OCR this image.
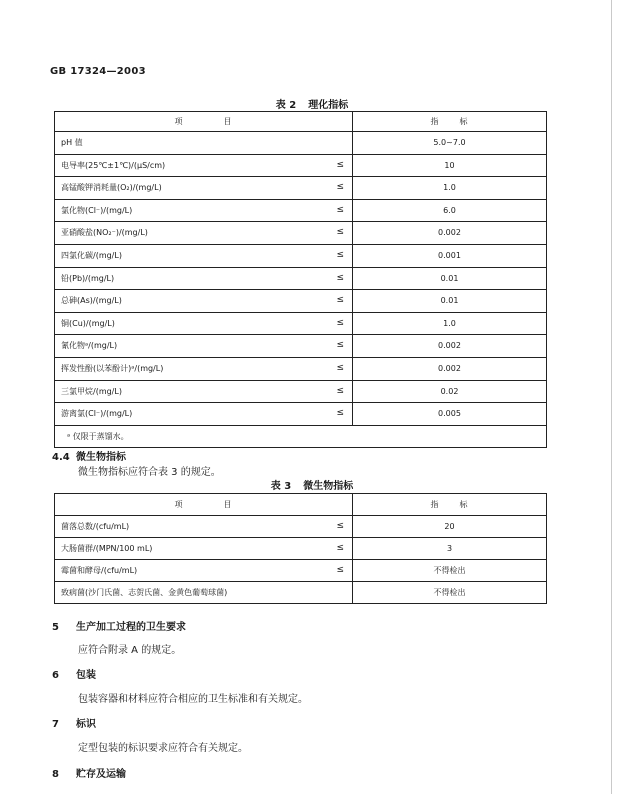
GB 17324—2003
表 2 理化指标
项 目		指 标
pH 值		5.0~7.0
电导率(25℃±1℃)/(μS/cm)	≤	10
高锰酸钾消耗量(O₂)/(mg/L)	≤	1.0
氯化物(Cl⁻)/(mg/L)	≤	6.0
亚硝酸盐(NO₂⁻)/(mg/L)	≤	0.002
四氯化碳/(mg/L)	≤	0.001
铅(Pb)/(mg/L)	≤	0.01
总砷(As)/(mg/L)	≤	0.01
铜(Cu)/(mg/L)	≤	1.0
氰化物ᵃ/(mg/L)	≤	0.002
挥发性酚(以苯酚计)ᵃ/(mg/L)	≤	0.002
三氯甲烷/(mg/L)	≤	0.02
游离氯(Cl⁻)/(mg/L)	≤	0.005
ᵃ 仅限于蒸馏水。		
4.4 微生物指标
微生物指标应符合表 3 的规定。
表 3 微生物指标
项 目		指 标
菌落总数/(cfu/mL)	≤	20
大肠菌群/(MPN/100 mL)	≤	3
霉菌和酵母/(cfu/mL)	≤	不得检出
致病菌(沙门氏菌、志贺氏菌、金黄色葡萄球菌)		不得检出
5 生产加工过程的卫生要求
应符合附录 A 的规定。
6 包装
包装容器和材料应符合相应的卫生标准和有关规定。
7 标识
定型包装的标识要求应符合有关规定。
8 贮存及运输
